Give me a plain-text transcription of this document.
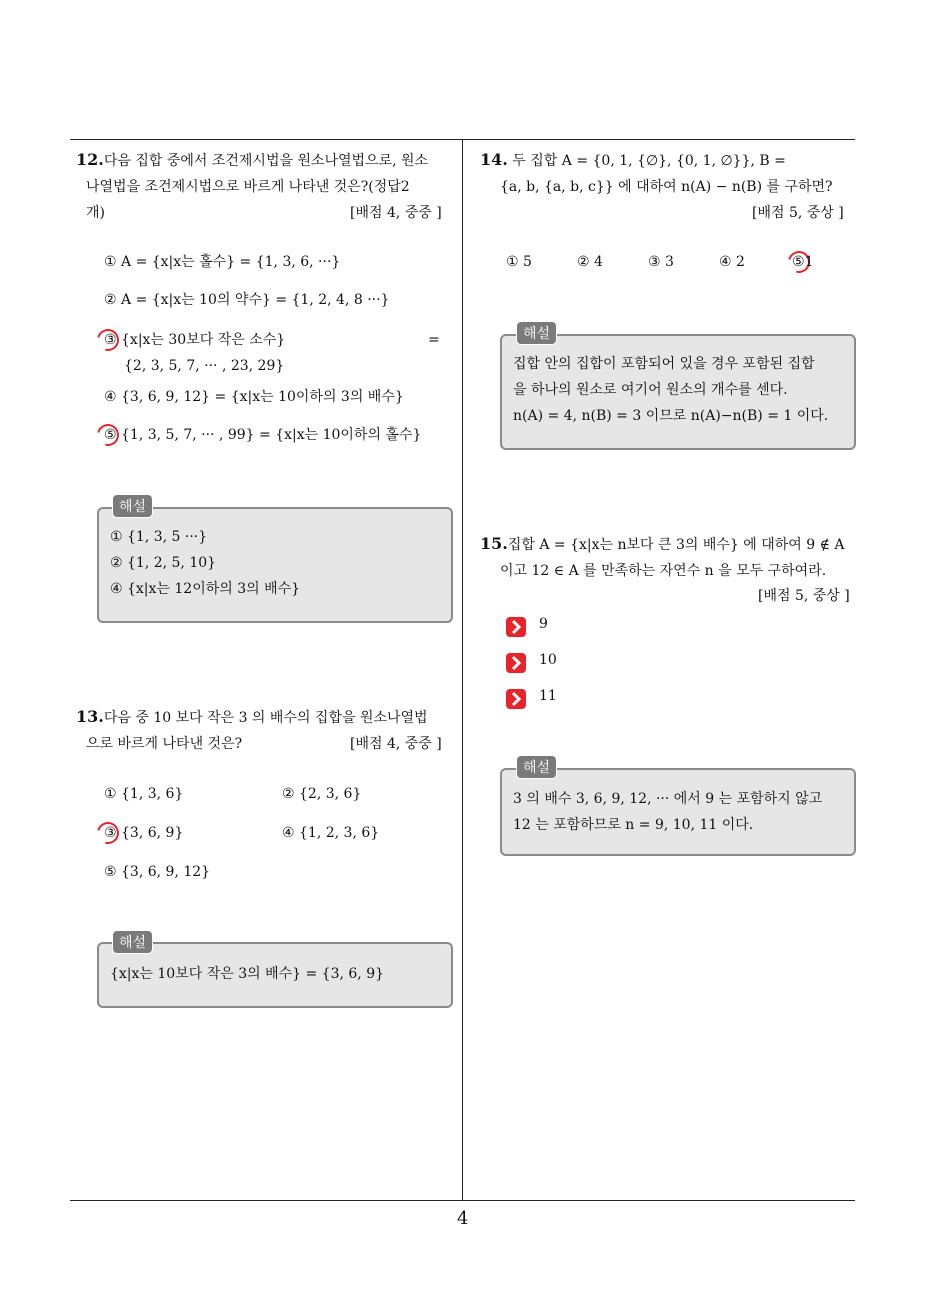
12.다음 집합 중에서 조건제시법을 원소나열법으로, 원소
나열법을 조건제시법으로 바르게 나타낸 것은?(정답2
개)	[배점 4, 중중 ]
① A = {x|x는 홀수} = {1, 3, 6, ···}
② A = {x|x는 10의 약수} = {1, 2, 4, 8 ···}
③ {x|x는 30보다 작은 소수}	=
{2, 3, 5, 7, ··· , 23, 29}
④ {3, 6, 9, 12} = {x|x는 10이하의 3의 배수}
⑤ {1, 3, 5, 7, ··· , 99} = {x|x는 10이하의 홀수}
해설
① {1, 3, 5 ···}
② {1, 2, 5, 10}
④ {x|x는 12이하의 3의 배수}
13.다음 중 10 보다 작은 3 의 배수의 집합을 원소나열법
으로 바르게 나타낸 것은?	[배점 4, 중중 ]
① {1, 3, 6}	② {2, 3, 6}
③ {3, 6, 9}	④ {1, 2, 3, 6}
⑤ {3, 6, 9, 12}
해설
{x|x는 10보다 작은 3의 배수} = {3, 6, 9}
14. 두 집합 A = {0, 1, {∅}, {0, 1, ∅}}, B =
{a, b, {a, b, c}} 에 대하여 n(A) − n(B) 를 구하면?
[배점 5, 중상 ]
① 5	② 4	③ 3	④ 2	⑤1
해설
집합 안의 집합이 포함되어 있을 경우 포함된 집합
을 하나의 원소로 여기어 원소의 개수를 센다.
n(A) = 4, n(B) = 3 이므로 n(A)−n(B) = 1 이다.
15.집합 A = {x|x는 n보다 큰 3의 배수} 에 대하여 9 ∉ A
이고 12 ∈ A 를 만족하는 자연수 n 을 모두 구하여라.
[배점 5, 중상 ]
9
10
11
해설
3 의 배수 3, 6, 9, 12, ··· 에서 9 는 포함하지 않고
12 는 포함하므로 n = 9, 10, 11 이다.
4
